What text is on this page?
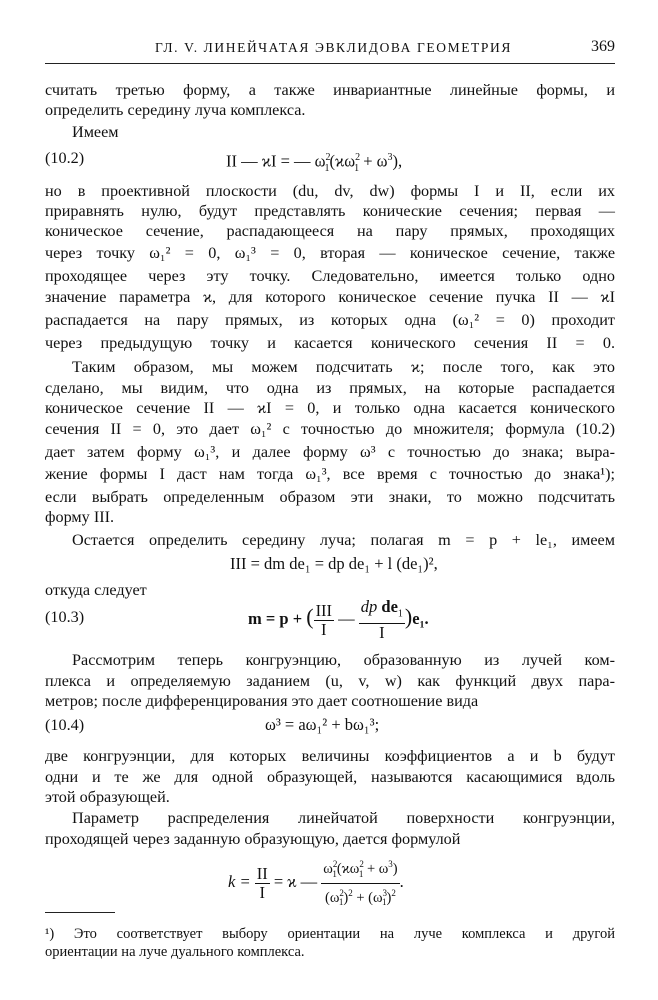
ГЛ. V. ЛИНЕЙЧАТАЯ ЭВКЛИДОВА ГЕОМЕТРИЯ	369
считать третью форму, а также инвариантные линейные формы, и
определить середину луча комплекса.
Имеем
(10.2)	II — ϰI = — $\omega^2_1(ϰ\omega^2_1 + \omega^3)$,
но в проективной плоскости (du, dv, dw) формы I и II, если их
приравнять нулю, будут представлять конические сечения; первая —
коническое сечение, распадающееся на пару прямых, проходящих
через точку ω₁² = 0, ω₁³ = 0, вторая — коническое сечение, также
проходящее через эту точку. Следовательно, имеется только одно
значение параметра ϰ, для которого коническое сечение пучка II — ϰI
распадается на пару прямых, из которых одна (ω₁² = 0) проходит
через предыдущую точку и касается конического сечения II = 0.
Таким образом, мы можем подсчитать ϰ; после того, как это
сделано, мы видим, что одна из прямых, на которые распадается
коническое сечение II — ϰI = 0, и только одна касается конического
сечения II = 0, это дает ω₁² с точностью до множителя; формула (10.2)
дает затем форму ω₁³, и далее форму ω³ с точностью до знака; выра-
жение формы I даст нам тогда ω₁³, все время с точностью до знака¹);
если выбрать определенным образом эти знаки, то можно подсчитать
форму III.
Остается определить середину луча; полагая m = p + le₁, имеем
III = dm de₁ = dp de₁ + l (de₁)²,
откуда следует
(10.3)	m = p + ( $\frac{\text{III}}{I}$ — $\frac{dp de_1}{I} )e_1$.
Рассмотрим теперь конгруэнцию, образованную из лучей ком-
плекса и определяемую заданием (u, v, w) как функций двух пара-
метров; после дифференцирования это дает соотношение вида
(10.4)	ω³ = aω₁² + bω₁³;
две конгруэнции, для которых величины коэффициентов a и b будут
одни и те же для одной образующей, называются касающимися вдоль
этой образующей.
Параметр распределения линейчатой поверхности конгруэнции,
проходящей через заданную образующую, дается формулой
$k = \frac{II}{I} = ϰ$ — $\frac{\omega^2_1(ϰ\omega^2_1 + \omega^3)}{(\omega^2_1)^2 + (\omega^3_1)^2}$ .
¹) Это соответствует выбору ориентации на луче комплекса и другой
ориентации на луче дуального комплекса.
